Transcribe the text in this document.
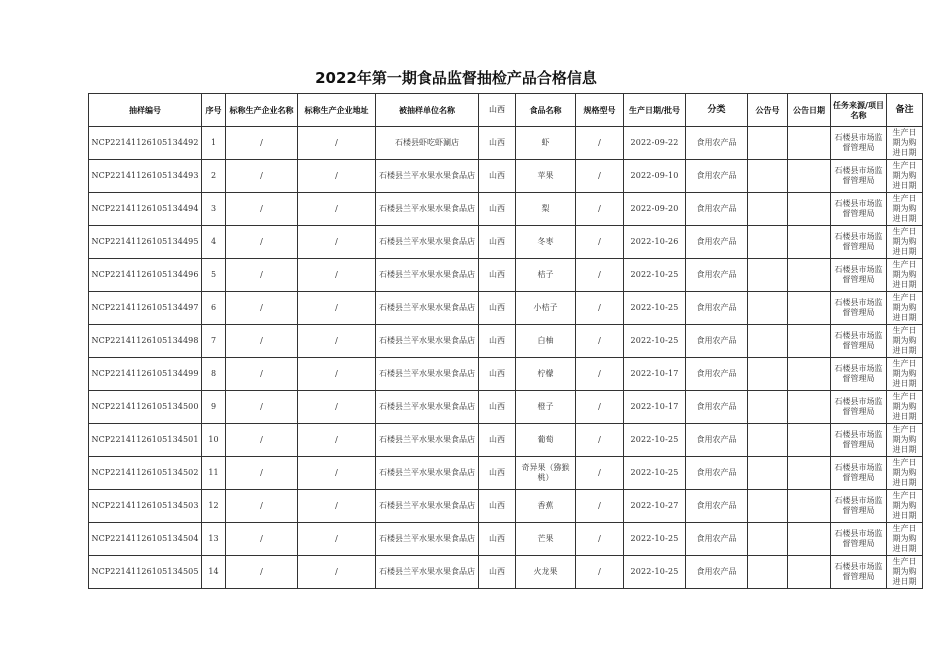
2022年第一期食品监督抽检产品合格信息
抽样编号	序号	标称生产企业名称	标称生产企业地址	被抽样单位名称	山西	食品名称	规格型号	生产日期/批号	分类	公告号	公告日期	任务来源/项目名称	备注
NCP22141126105134492	1	/	/	石楼县虾吃虾涮店	山西	虾	/	2022-09-22	食用农产品			石楼县市场监督管理局	生产日期为购进日期
NCP22141126105134493	2	/	/	石楼县兰平水果水果食品店	山西	苹果	/	2022-09-10	食用农产品			石楼县市场监督管理局	生产日期为购进日期
NCP22141126105134494	3	/	/	石楼县兰平水果水果食品店	山西	梨	/	2022-09-20	食用农产品			石楼县市场监督管理局	生产日期为购进日期
NCP22141126105134495	4	/	/	石楼县兰平水果水果食品店	山西	冬枣	/	2022-10-26	食用农产品			石楼县市场监督管理局	生产日期为购进日期
NCP22141126105134496	5	/	/	石楼县兰平水果水果食品店	山西	桔子	/	2022-10-25	食用农产品			石楼县市场监督管理局	生产日期为购进日期
NCP22141126105134497	6	/	/	石楼县兰平水果水果食品店	山西	小桔子	/	2022-10-25	食用农产品			石楼县市场监督管理局	生产日期为购进日期
NCP22141126105134498	7	/	/	石楼县兰平水果水果食品店	山西	白柚	/	2022-10-25	食用农产品			石楼县市场监督管理局	生产日期为购进日期
NCP22141126105134499	8	/	/	石楼县兰平水果水果食品店	山西	柠檬	/	2022-10-17	食用农产品			石楼县市场监督管理局	生产日期为购进日期
NCP22141126105134500	9	/	/	石楼县兰平水果水果食品店	山西	橙子	/	2022-10-17	食用农产品			石楼县市场监督管理局	生产日期为购进日期
NCP22141126105134501	10	/	/	石楼县兰平水果水果食品店	山西	葡萄	/	2022-10-25	食用农产品			石楼县市场监督管理局	生产日期为购进日期
NCP22141126105134502	11	/	/	石楼县兰平水果水果食品店	山西	奇异果（猕猴桃）	/	2022-10-25	食用农产品			石楼县市场监督管理局	生产日期为购进日期
NCP22141126105134503	12	/	/	石楼县兰平水果水果食品店	山西	香蕉	/	2022-10-27	食用农产品			石楼县市场监督管理局	生产日期为购进日期
NCP22141126105134504	13	/	/	石楼县兰平水果水果食品店	山西	芒果	/	2022-10-25	食用农产品			石楼县市场监督管理局	生产日期为购进日期
NCP22141126105134505	14	/	/	石楼县兰平水果水果食品店	山西	火龙果	/	2022-10-25	食用农产品			石楼县市场监督管理局	生产日期为购进日期
